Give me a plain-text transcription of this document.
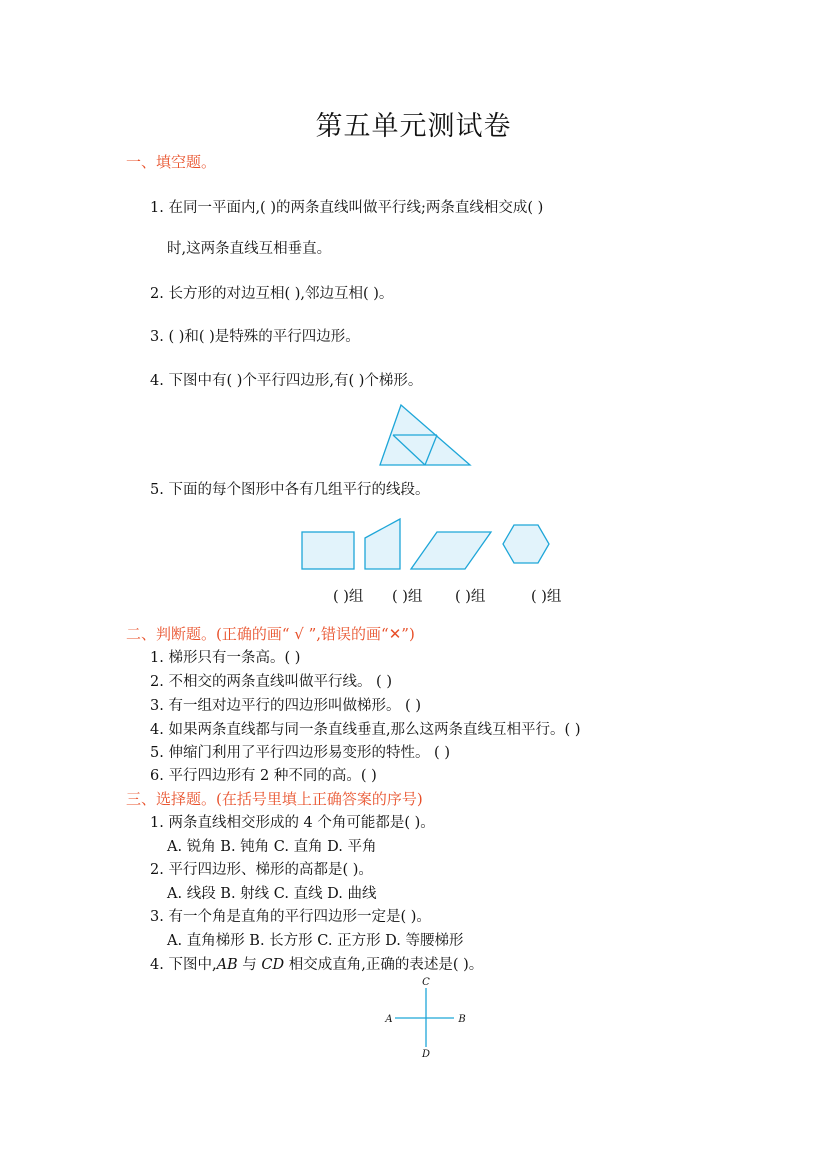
第五单元测试卷
一、填空题。
1. 在同一平面内,( )的两条直线叫做平行线;两条直线相交成( )
时,这两条直线互相垂直。
2. 长方形的对边互相( ),邻边互相( )。
3. ( )和( )是特殊的平行四边形。
4. 下图中有( )个平行四边形,有( )个梯形。
5. 下面的每个图形中各有几组平行的线段。
( )组 ( )组 ( )组	( )组
二、判断题。(正确的画“ √ ”,错误的画“✕”)
1. 梯形只有一条高。( )
2. 不相交的两条直线叫做平行线。 ( )
3. 有一组对边平行的四边形叫做梯形。 ( )
4. 如果两条直线都与同一条直线垂直,那么这两条直线互相平行。( )
5. 伸缩门利用了平行四边形易变形的特性。 ( )
6. 平行四边形有 2 种不同的高。( )
三、选择题。(在括号里填上正确答案的序号)
1. 两条直线相交形成的 4 个角可能都是( )。
A. 锐角 B. 钝角 C. 直角 D. 平角
2. 平行四边形、梯形的高都是( )。
A. 线段 B. 射线 C. 直线 D. 曲线
3. 有一个角是直角的平行四边形一定是( )。
A. 直角梯形 B. 长方形 C. 正方形 D. 等腰梯形
4. 下图中,AB 与 CD 相交成直角,正确的表述是( )。
C
A	B
D
